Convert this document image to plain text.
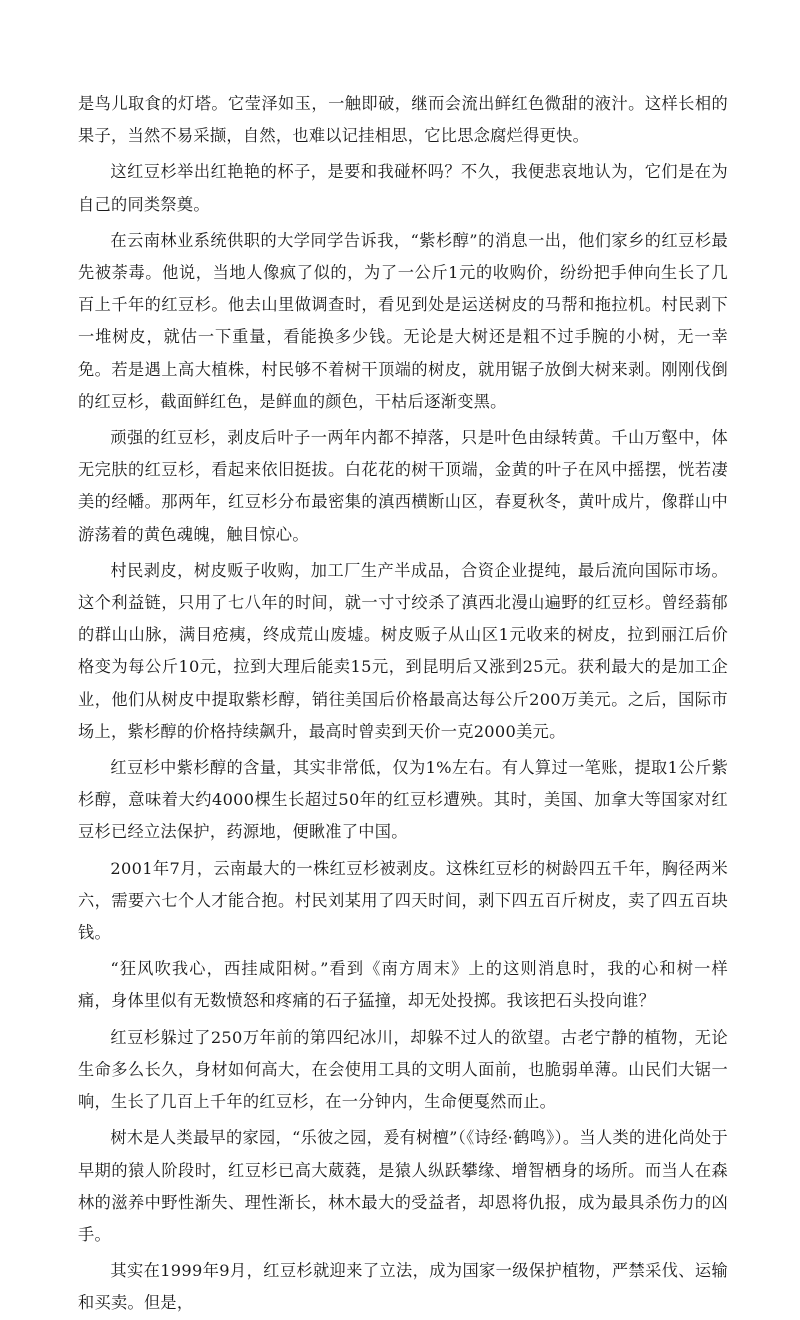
是鸟儿取食的灯塔。它莹泽如玉，一触即破，继而会流出鲜红色微甜的液汁。这样长相的果子，当然不易采撷，自然，也难以记挂相思，它比思念腐烂得更快。

这红豆杉举出红艳艳的杯子，是要和我碰杯吗？不久，我便悲哀地认为，它们是在为自己的同类祭奠。

在云南林业系统供职的大学同学告诉我，“紫杉醇”的消息一出，他们家乡的红豆杉最先被荼毒。他说，当地人像疯了似的，为了一公斤1元的收购价，纷纷把手伸向生长了几百上千年的红豆杉。他去山里做调查时，看见到处是运送树皮的马帮和拖拉机。村民剥下一堆树皮，就估一下重量，看能换多少钱。无论是大树还是粗不过手腕的小树，无一幸免。若是遇上高大植株，村民够不着树干顶端的树皮，就用锯子放倒大树来剥。刚刚伐倒的红豆杉，截面鲜红色，是鲜血的颜色，干枯后逐渐变黑。

顽强的红豆杉，剥皮后叶子一两年内都不掉落，只是叶色由绿转黄。千山万壑中，体无完肤的红豆杉，看起来依旧挺拔。白花花的树干顶端，金黄的叶子在风中摇摆，恍若凄美的经幡。那两年，红豆杉分布最密集的滇西横断山区，春夏秋冬，黄叶成片，像群山中游荡着的黄色魂魄，触目惊心。

村民剥皮，树皮贩子收购，加工厂生产半成品，合资企业提纯，最后流向国际市场。这个利益链，只用了七八年的时间，就一寸寸绞杀了滇西北漫山遍野的红豆杉。曾经蓊郁的群山山脉，满目疮痍，终成荒山废墟。树皮贩子从山区1元收来的树皮，拉到丽江后价格变为每公斤10元，拉到大理后能卖15元，到昆明后又涨到25元。获利最大的是加工企业，他们从树皮中提取紫杉醇，销往美国后价格最高达每公斤200万美元。之后，国际市场上，紫杉醇的价格持续飙升，最高时曾卖到天价一克2000美元。

红豆杉中紫杉醇的含量，其实非常低，仅为1%左右。有人算过一笔账，提取1公斤紫杉醇，意味着大约4000棵生长超过50年的红豆杉遭殃。其时，美国、加拿大等国家对红豆杉已经立法保护，药源地，便瞅准了中国。

2001年7月，云南最大的一株红豆杉被剥皮。这株红豆杉的树龄四五千年，胸径两米六，需要六七个人才能合抱。村民刘某用了四天时间，剥下四五百斤树皮，卖了四五百块钱。

“狂风吹我心，西挂咸阳树。”看到《南方周末》上的这则消息时，我的心和树一样痛，身体里似有无数愤怒和疼痛的石子猛撞，却无处投掷。我该把石头投向谁？

红豆杉躲过了250万年前的第四纪冰川，却躲不过人的欲望。古老宁静的植物，无论生命多么长久，身材如何高大，在会使用工具的文明人面前，也脆弱单薄。山民们大锯一响，生长了几百上千年的红豆杉，在一分钟内，生命便戛然而止。

树木是人类最早的家园，“乐彼之园，爰有树檀”（《诗经·鹤鸣》）。当人类的进化尚处于早期的猿人阶段时，红豆杉已高大葳蕤，是猿人纵跃攀缘、增智栖身的场所。而当人在森林的滋养中野性渐失、理性渐长，林木最大的受益者，却恩将仇报，成为最具杀伤力的凶手。

其实在1999年9月，红豆杉就迎来了立法，成为国家一级保护植物，严禁采伐、运输和买卖。但是，
